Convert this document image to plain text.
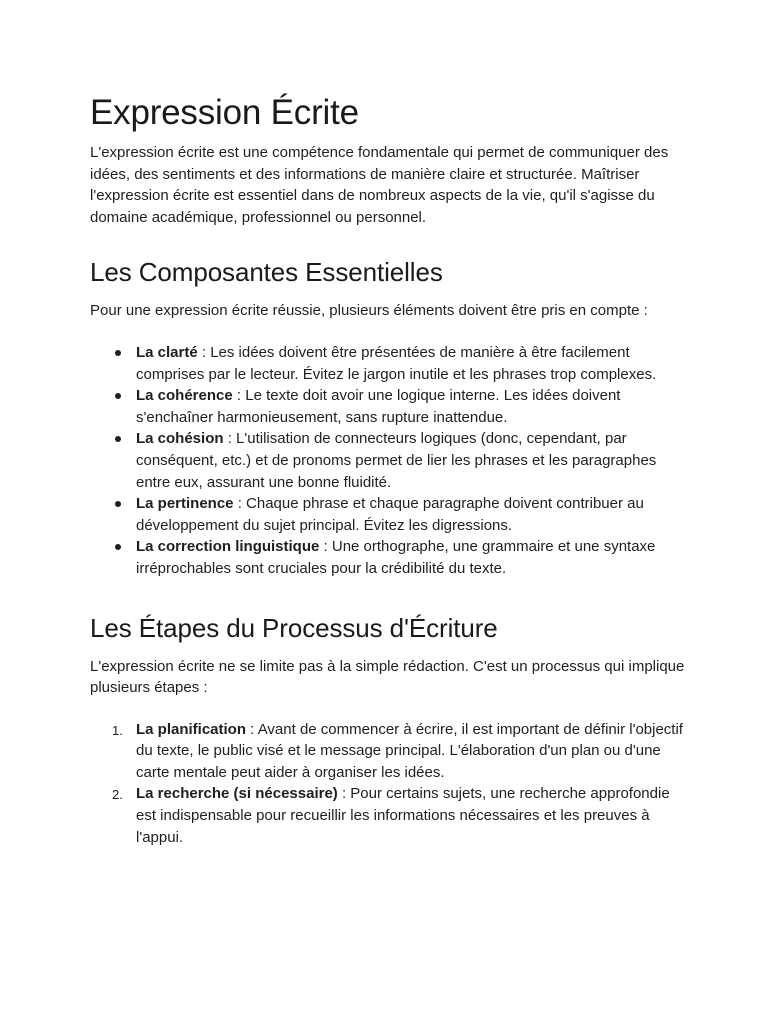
Expression Écrite

L'expression écrite est une compétence fondamentale qui permet de communiquer des idées, des sentiments et des informations de manière claire et structurée. Maîtriser l'expression écrite est essentiel dans de nombreux aspects de la vie, qu'il s'agisse du domaine académique, professionnel ou personnel.

Les Composantes Essentielles

Pour une expression écrite réussie, plusieurs éléments doivent être pris en compte :

La clarté : Les idées doivent être présentées de manière à être facilement comprises par le lecteur. Évitez le jargon inutile et les phrases trop complexes.
La cohérence : Le texte doit avoir une logique interne. Les idées doivent s'enchaîner harmonieusement, sans rupture inattendue.
La cohésion : L'utilisation de connecteurs logiques (donc, cependant, par conséquent, etc.) et de pronoms permet de lier les phrases et les paragraphes entre eux, assurant une bonne fluidité.
La pertinence : Chaque phrase et chaque paragraphe doivent contribuer au développement du sujet principal. Évitez les digressions.
La correction linguistique : Une orthographe, une grammaire et une syntaxe irréprochables sont cruciales pour la crédibilité du texte.
Les Étapes du Processus d'Écriture

L'expression écrite ne se limite pas à la simple rédaction. C'est un processus qui implique plusieurs étapes :

1. La planification : Avant de commencer à écrire, il est important de définir l'objectif du texte, le public visé et le message principal. L'élaboration d'un plan ou d'une carte mentale peut aider à organiser les idées.
2. La recherche (si nécessaire) : Pour certains sujets, une recherche approfondie est indispensable pour recueillir les informations nécessaires et les preuves à l'appui.
